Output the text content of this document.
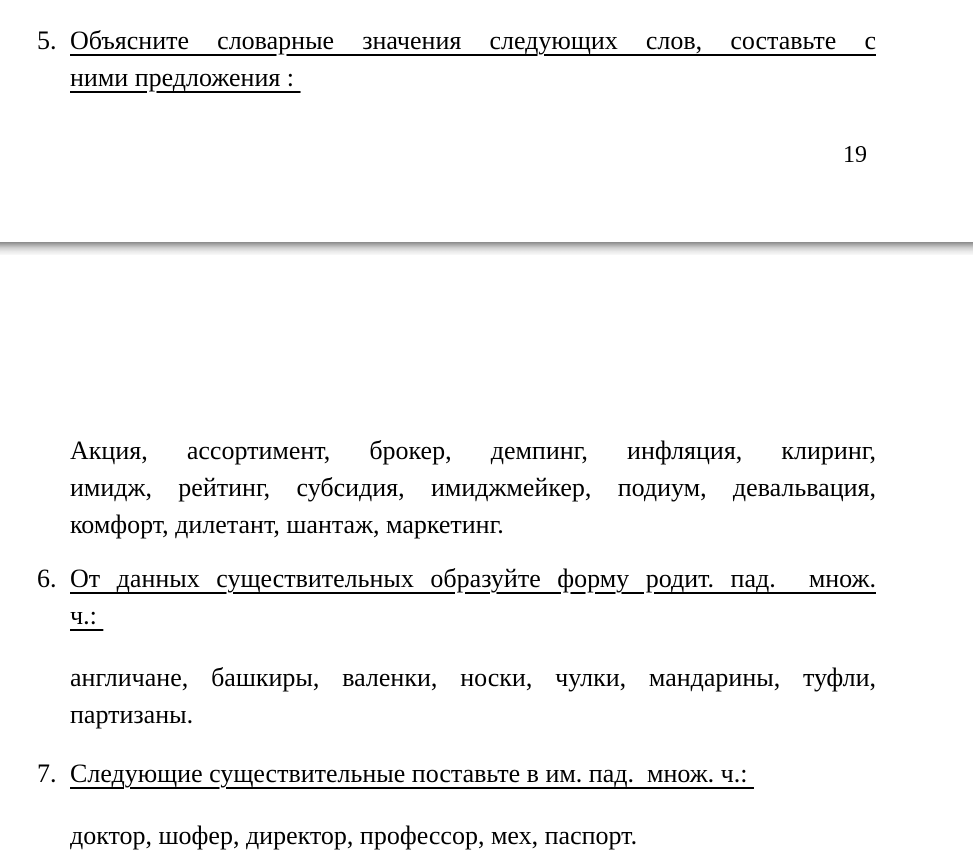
5. Объясните словарные значения следующих слов, составьте с
ними предложения :
19
Акция, ассортимент, брокер, демпинг, инфляция, клиринг,
имидж, рейтинг, субсидия, имиджмейкер, подиум, девальвация,
комфорт, дилетант, шантаж, маркетинг.
6. От данных существительных образуйте форму родит. пад.  множ.
ч.:
англичане, башкиры, валенки, носки, чулки, мандарины, туфли,
партизаны.
7. Следующие существительные поставьте в им. пад.  множ. ч.:
доктор, шофер, директор, профессор, мех, паспорт.
